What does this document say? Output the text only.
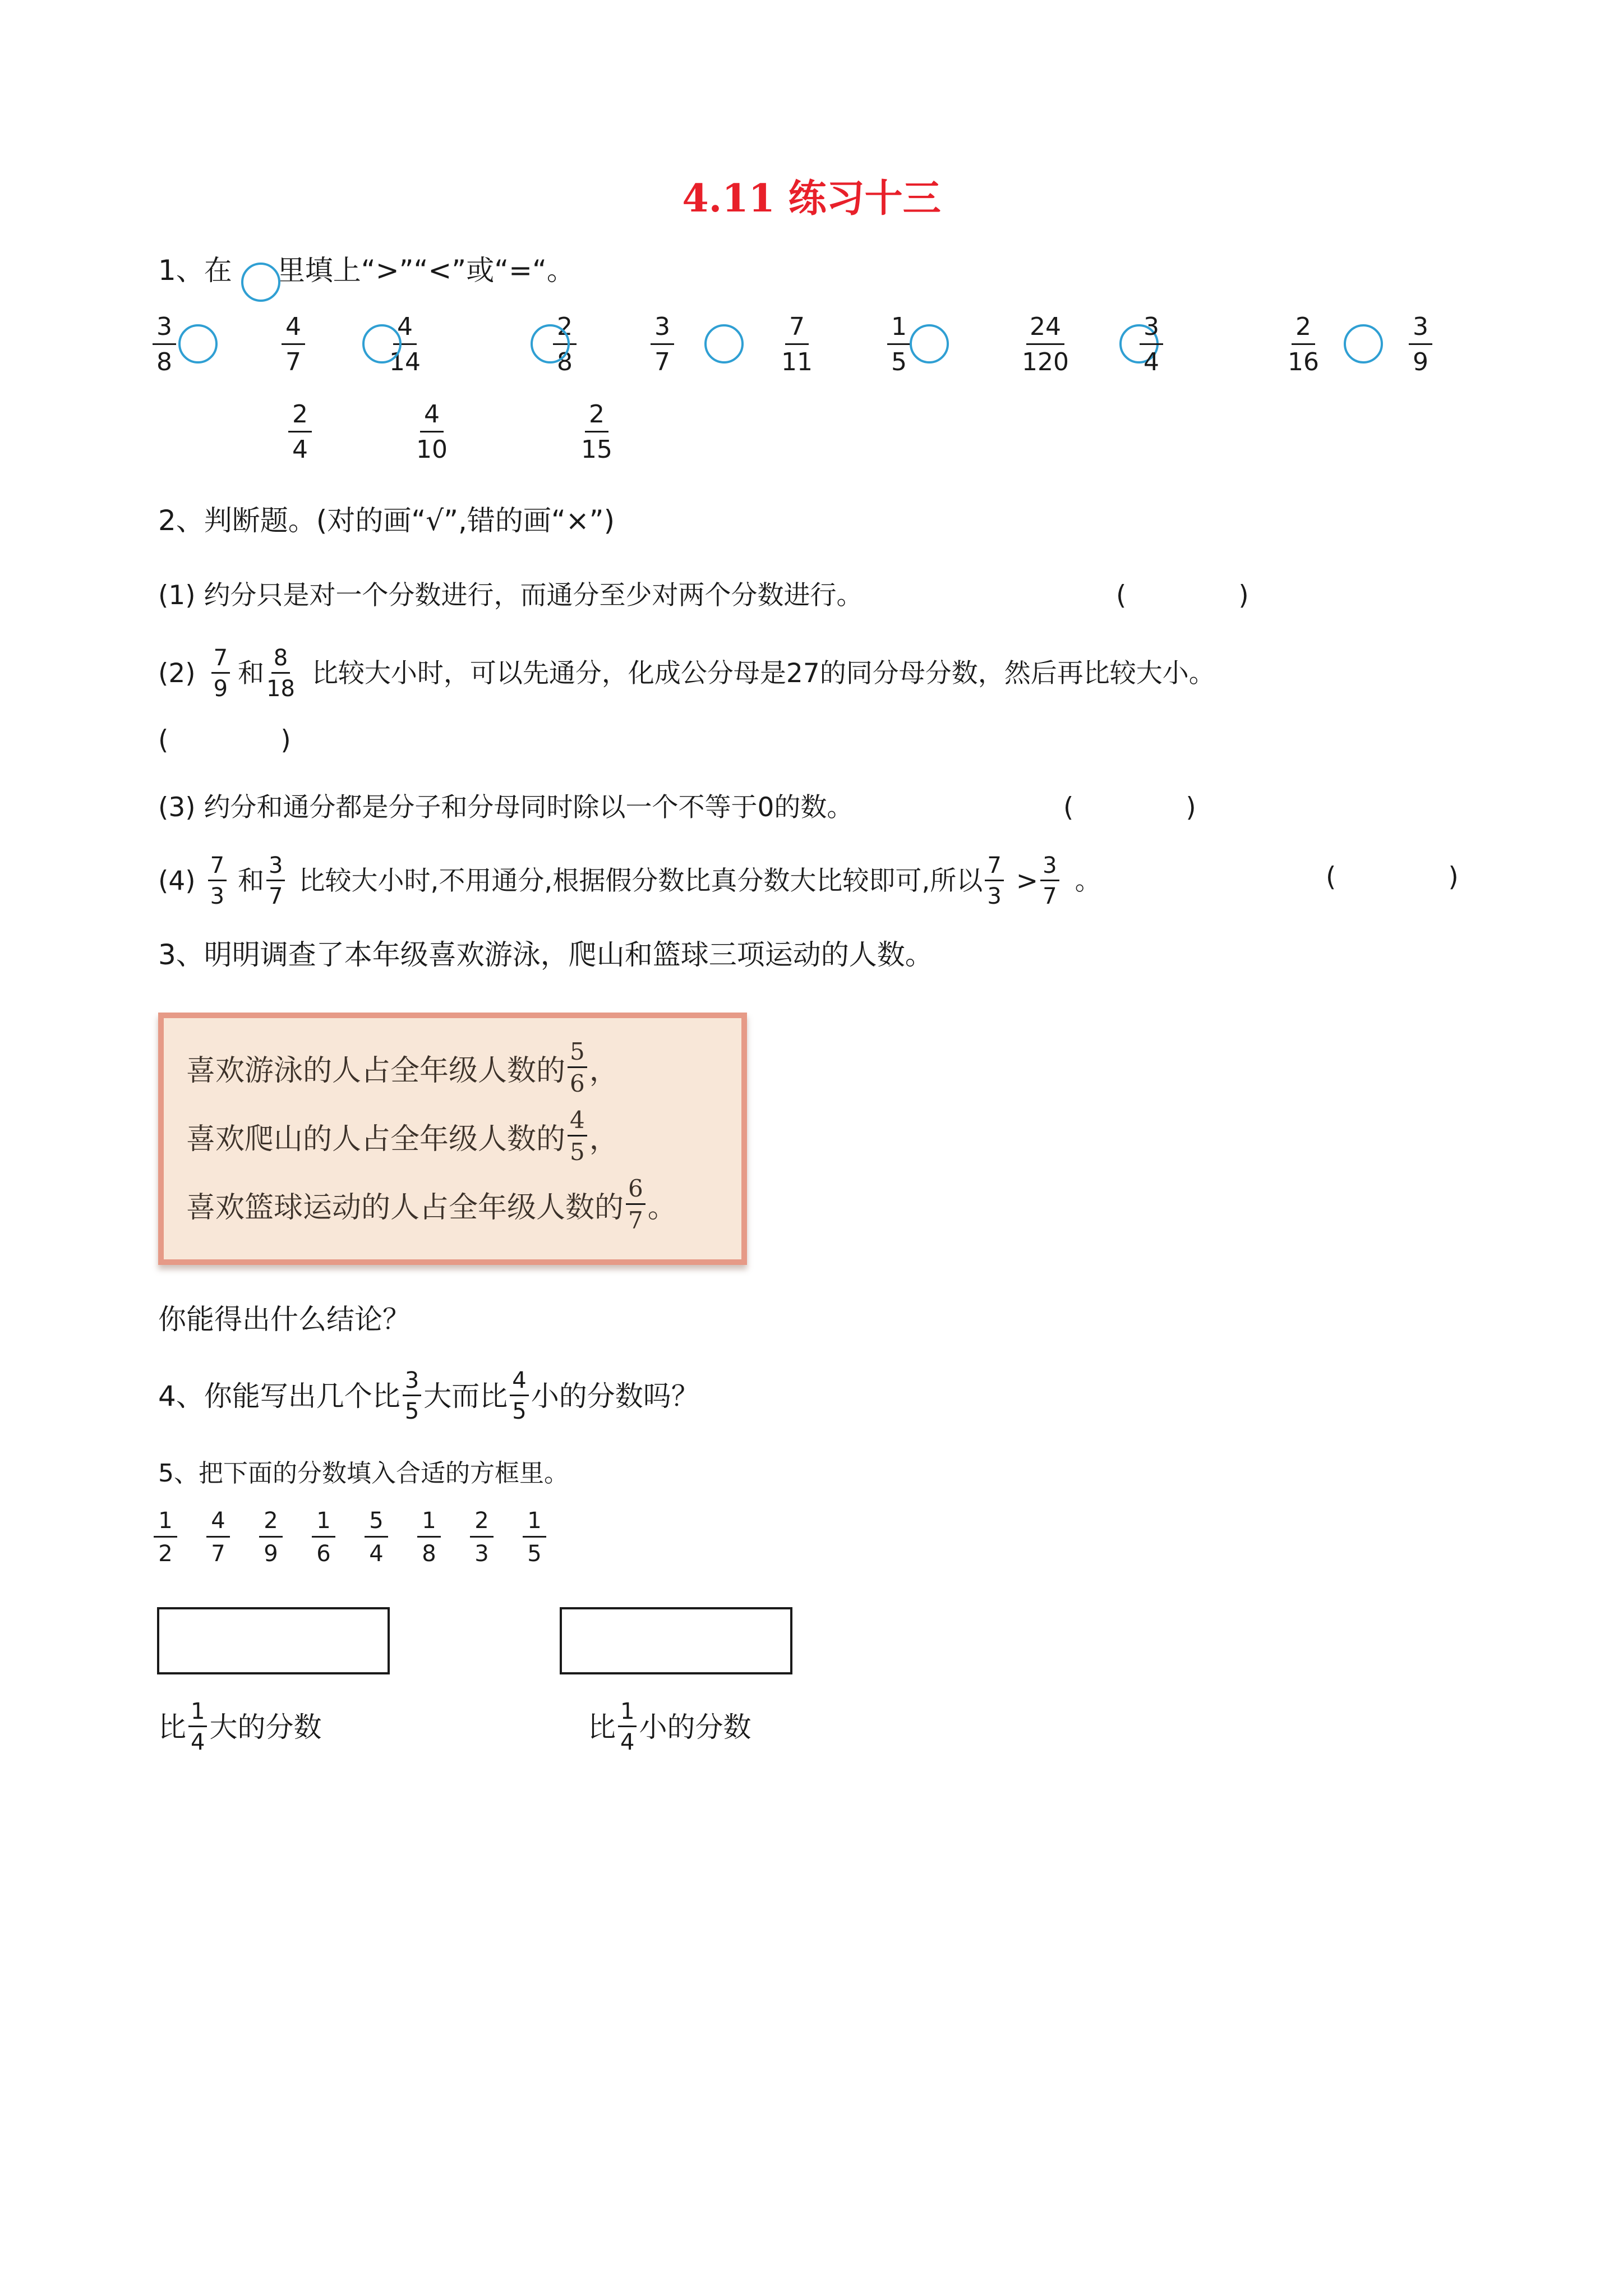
4.11 练习十三
1、在 里填上“>”“<”或“=“。
$\frac{3}{8}$	$\frac{4}{7}$	$\frac{4}{14}$	$\frac{2}{8}$	$\frac{3}{7}$	$\frac{7}{11}$	$\frac{1}{5}$	$\frac{24}{120}$	$\frac{3}{4}$	$\frac{2}{16}$	$\frac{3}{9}$
$\frac{2}{4}$	$\frac{4}{10}$	$\frac{2}{15}$
2、判断题。(对的画“√”,错的画“×”)
(1) 约分只是对一个分数进行，而通分至少对两个分数进行。	(	)
(2) 7
9
和 8
18
比较大小时，可以先通分，化成公分母是27的同分母分数，然后再比较大小。
(	)
(3) 约分和通分都是分子和分母同时除以一个不等于0的数。	(	)
(4) 7
3
和 3
7
比较大小时,不用通分,根据假分数比真分数大比较即可,所以 7
3
> 3
7
。	(	)
3、明明调查了本年级喜欢游泳，爬山和篮球三项运动的人数。
喜欢游泳的人占全年级人数的
5
6 ，
喜欢爬山的人占全年级人数的
4
5 ，
喜欢篮球运动的人占全年级人数的
6
7 。
你能得出什么结论？
4、你能写出几个比 3
5 大而比 4
5 小的分数吗？
5、把下面的分数填入合适的方框里。
$\frac{1}{2} \frac{4}{7} \frac{2}{9} \frac{1}{6} \frac{5}{4} \frac{1}{8} \frac{2}{3} \frac{1}{5}$
比 1
4 大的分数	比 1
4 小的分数
